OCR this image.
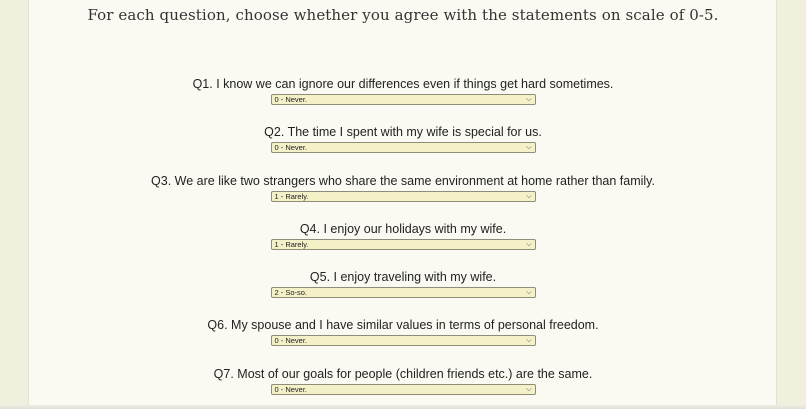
For each question, choose whether you agree with the statements on scale of 0-5.
Q1. I know we can ignore our differences even if things get hard sometimes.
0 - Never.	⌵
Q2. The time I spent with my wife is special for us.
0 - Never.	⌵
Q3. We are like two strangers who share the same environment at home rather than family.
1 - Rarely.	⌵
Q4. I enjoy our holidays with my wife.
1 - Rarely.	⌵
Q5. I enjoy traveling with my wife.
2 - So-so.	⌵
Q6. My spouse and I have similar values in terms of personal freedom.
0 - Never.	⌵
Q7. Most of our goals for people (children friends etc.) are the same.
0 - Never.	⌵
